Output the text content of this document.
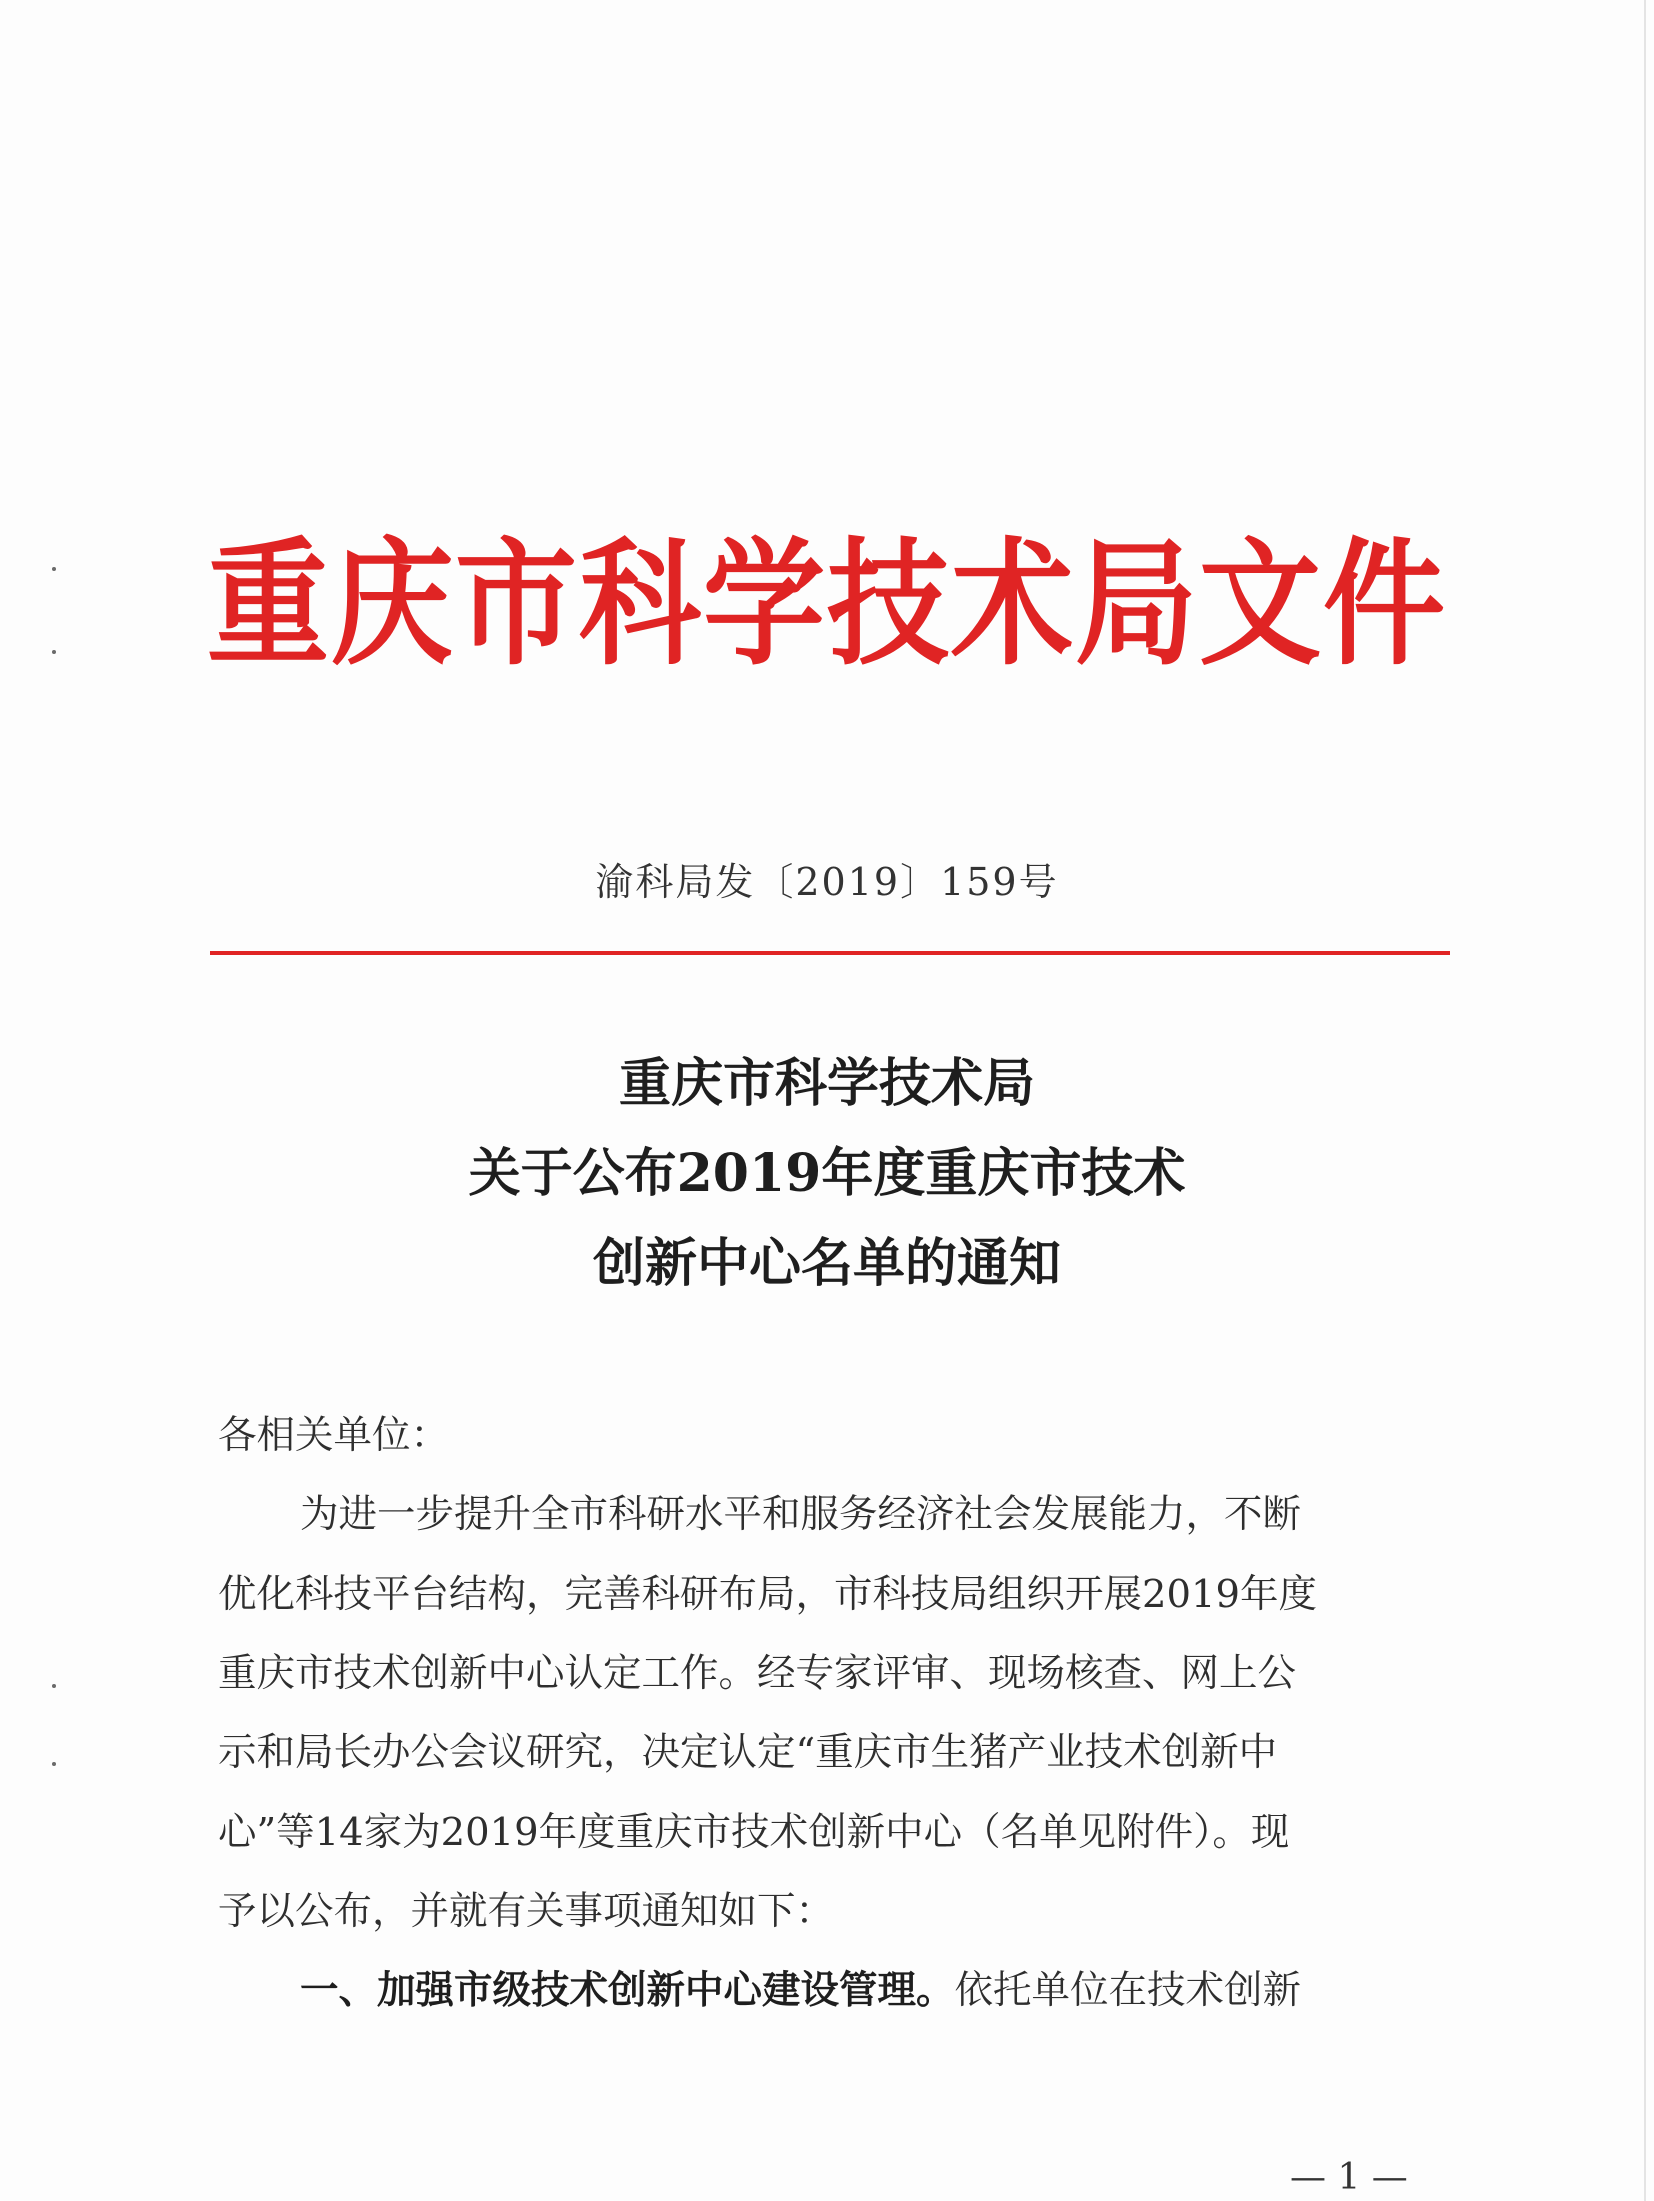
重庆市科学技术局文件
渝科局发〔2019〕159号
重庆市科学技术局
关于公布2019年度重庆市技术
创新中心名单的通知
各相关单位：
为进一步提升全市科研水平和服务经济社会发展能力，不断
优化科技平台结构，完善科研布局，市科技局组织开展2019年度
重庆市技术创新中心认定工作。经专家评审、现场核查、网上公
示和局长办公会议研究，决定认定“重庆市生猪产业技术创新中
心”等14家为2019年度重庆市技术创新中心（名单见附件）。现
予以公布，并就有关事项通知如下：
一、加强市级技术创新中心建设管理。依托单位在技术创新
— 1 —
